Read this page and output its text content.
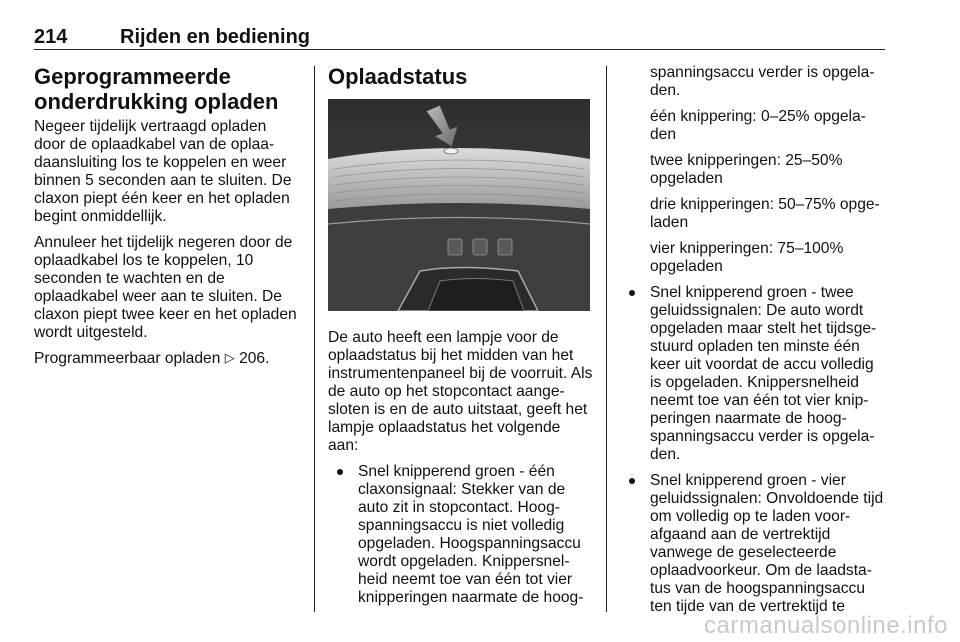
214	Rijden en bediening
Geprogrammeerde onderdrukking opladen

Negeer tijdelijk vertraagd opladen door de oplaadkabel van de oplaa-daansluiting los te koppelen en weer binnen 5 seconden aan te sluiten. De claxon piept één keer en het opladen begint onmiddellijk.

Annuleer het tijdelijk negeren door de oplaadkabel los te koppelen, 10 seconden te wachten en de oplaadkabel weer aan te sluiten. De claxon piept twee keer en het opladen wordt uitgesteld.

Programmeerbaar opladen ▷ 206.

Oplaadstatus

De auto heeft een lampje voor de oplaadstatus bij het midden van het instrumentenpaneel bij de voorruit. Als de auto op het stopcontact aange-sloten is en de auto uitstaat, geeft het lampje oplaadstatus het volgende aan:

Snel knipperend groen - één claxonsignaal: Stekker van de auto zit in stopcontact. Hoog-spanningsaccu is niet volledig opgeladen. Hoogspanningsaccu wordt opgeladen. Knippersnel-heid neemt toe van één tot vier knipperingen naarmate de hoog-

spanningsaccu verder is opgela-den.

één knippering: 0–25% opgela-den

twee knipperingen: 25–50% opgeladen

drie knipperingen: 50–75% opge-laden

vier knipperingen: 75–100% opgeladen

Snel knipperend groen - twee geluidssignalen: De auto wordt opgeladen maar stelt het tijdsge-stuurd opladen ten minste één keer uit voordat de accu volledig is opgeladen. Knippersnelheid neemt toe van één tot vier knip-peringen naarmate de hoog-spanningsaccu verder is opgela-den.
Snel knipperend groen - vier geluidssignalen: Onvoldoende tijd om volledig op te laden voor-afgaand aan de vertrektijd vanwege de geselecteerde oplaadvoorkeur. Om de laadsta-tus van de hoogspanningsaccu ten tijde van de vertrektijd te
carmanualsonline.info
